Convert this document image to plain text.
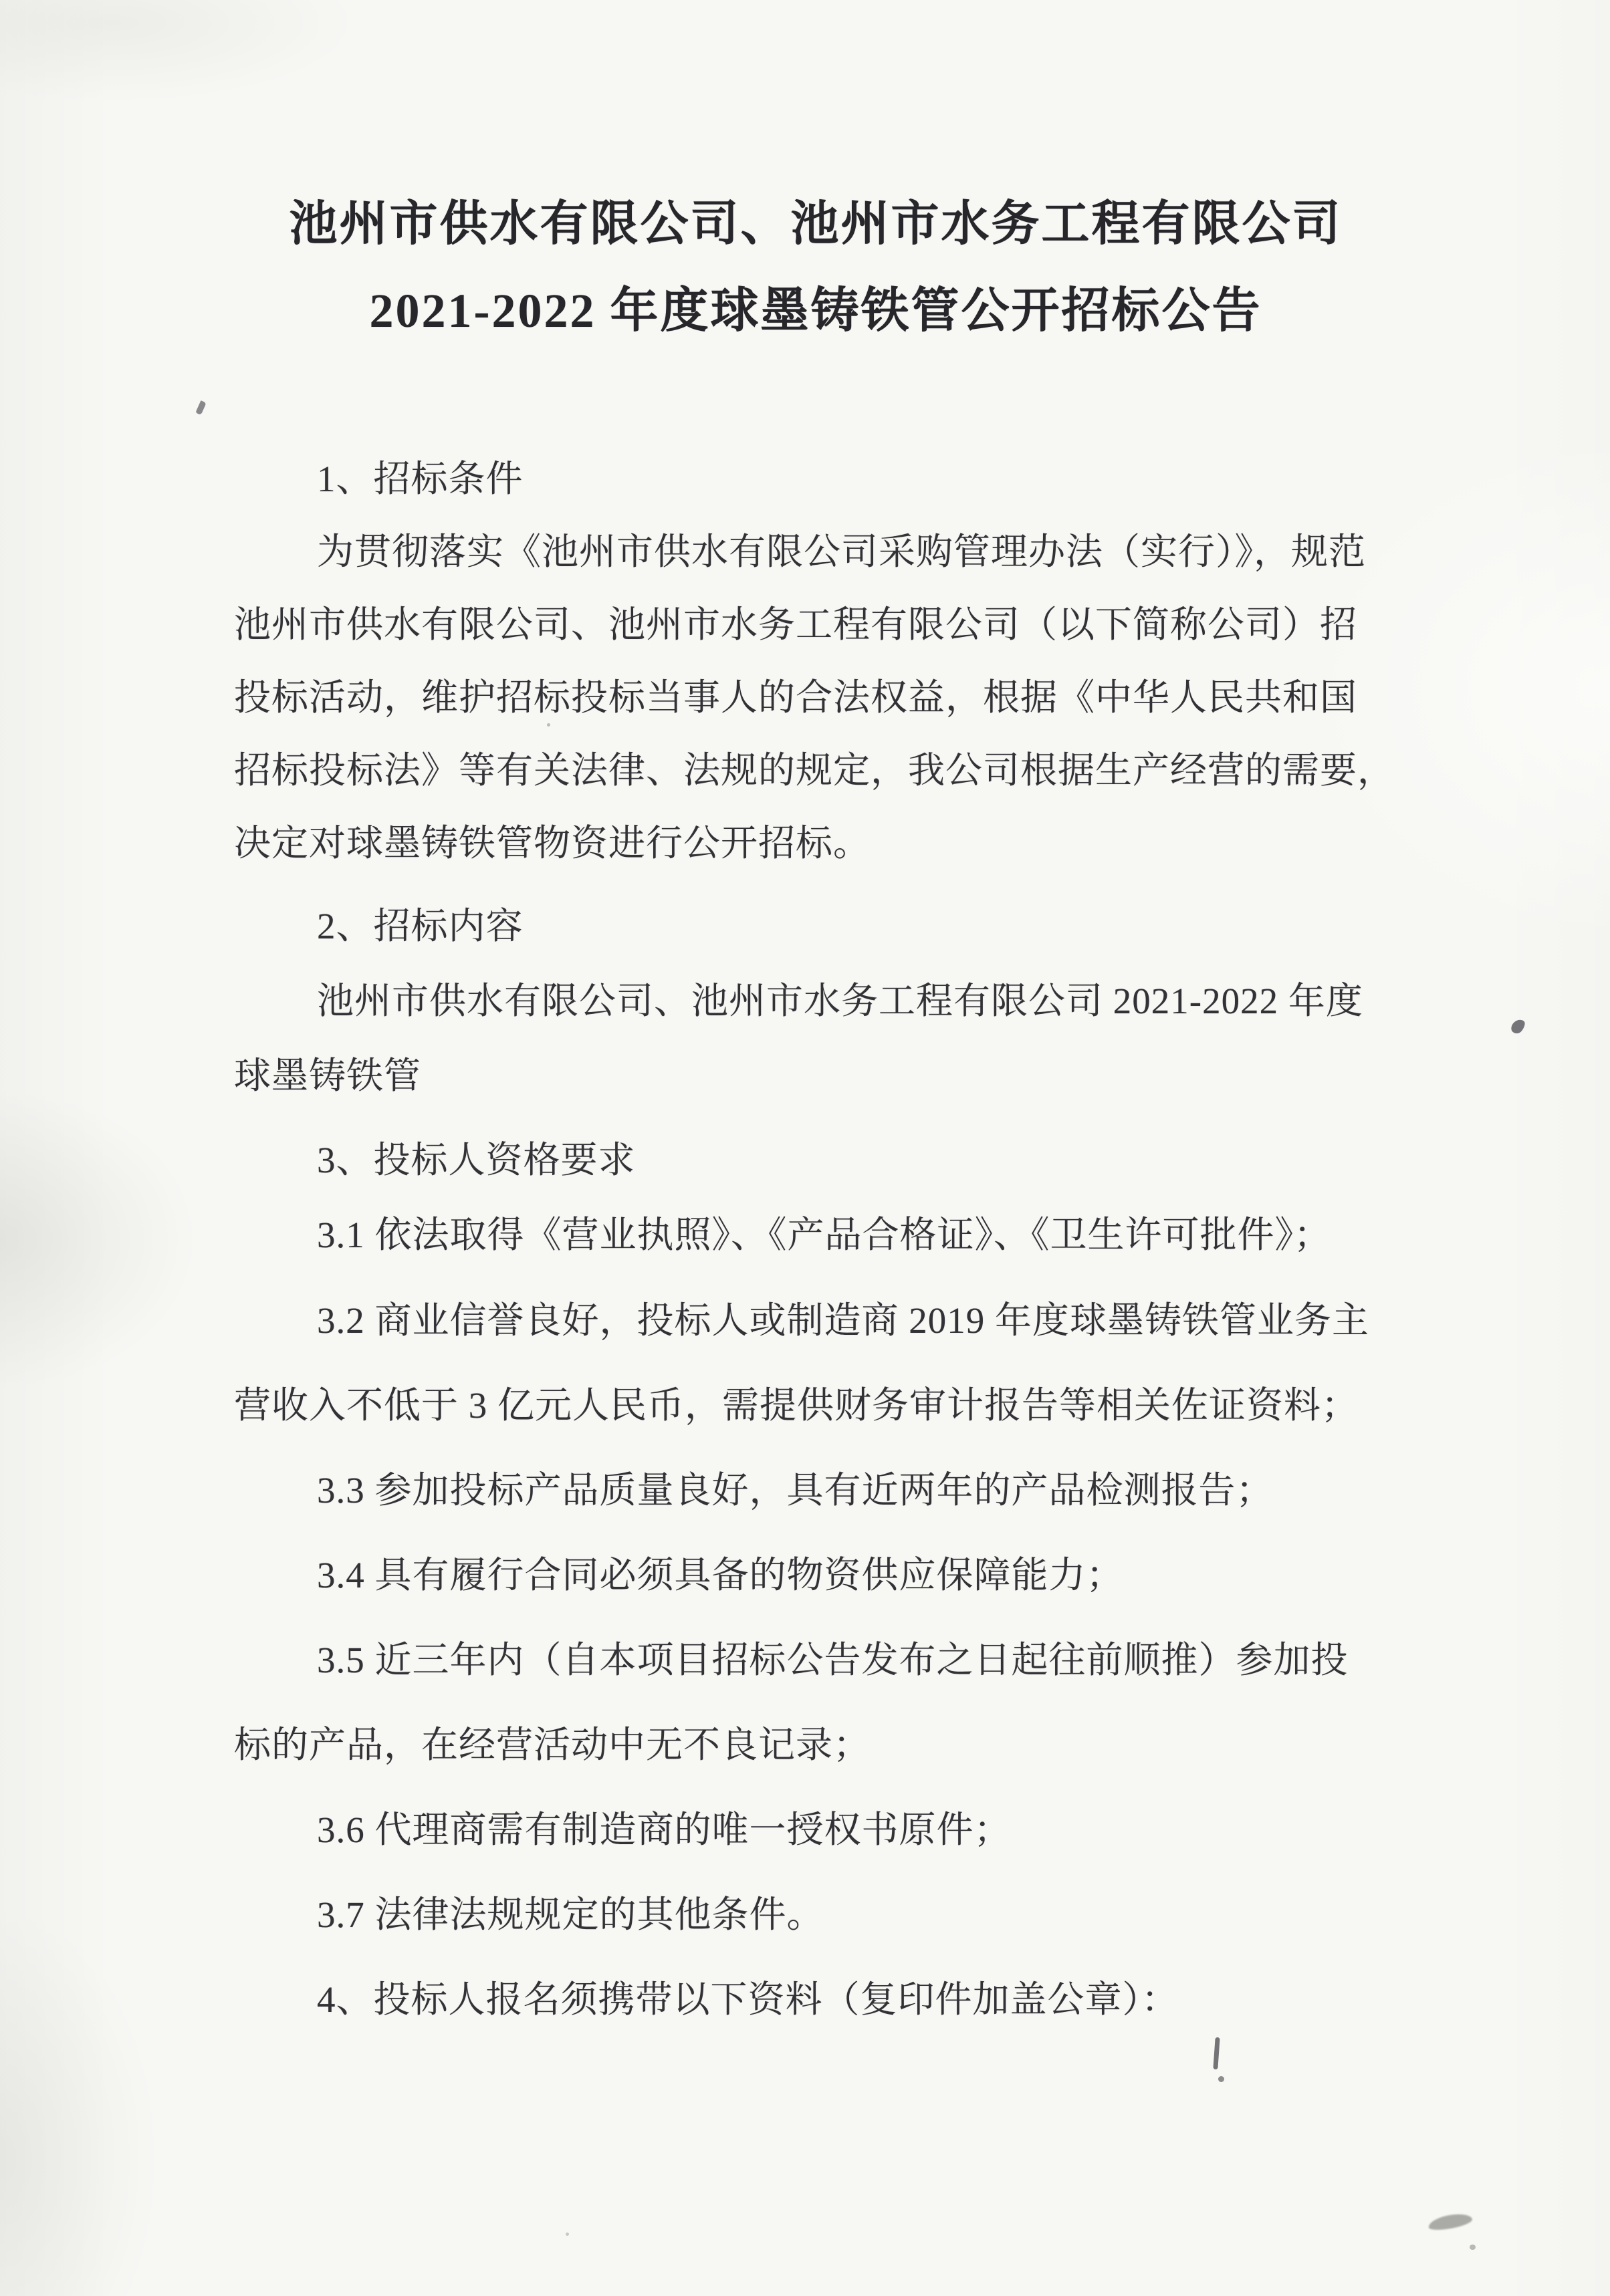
池州市供水有限公司、池州市水务工程有限公司
2021-2022 年度球墨铸铁管公开招标公告
1、招标条件
为贯彻落实《池州市供水有限公司采购管理办法（实行）》，规范
池州市供水有限公司、池州市水务工程有限公司（以下简称公司）招
投标活动，维护招标投标当事人的合法权益，根据《中华人民共和国
招标投标法》等有关法律、法规的规定，我公司根据生产经营的需要，
决定对球墨铸铁管物资进行公开招标。
2、招标内容
池州市供水有限公司、池州市水务工程有限公司 2021-2022 年度
球墨铸铁管
3、投标人资格要求
3.1 依法取得《营业执照》、《产品合格证》、《卫生许可批件》；
3.2 商业信誉良好，投标人或制造商 2019 年度球墨铸铁管业务主
营收入不低于 3 亿元人民币，需提供财务审计报告等相关佐证资料；
3.3 参加投标产品质量良好，具有近两年的产品检测报告；
3.4 具有履行合同必须具备的物资供应保障能力；
3.5 近三年内（自本项目招标公告发布之日起往前顺推）参加投
标的产品，在经营活动中无不良记录；
3.6 代理商需有制造商的唯一授权书原件；
3.7 法律法规规定的其他条件。
4、投标人报名须携带以下资料（复印件加盖公章）：
